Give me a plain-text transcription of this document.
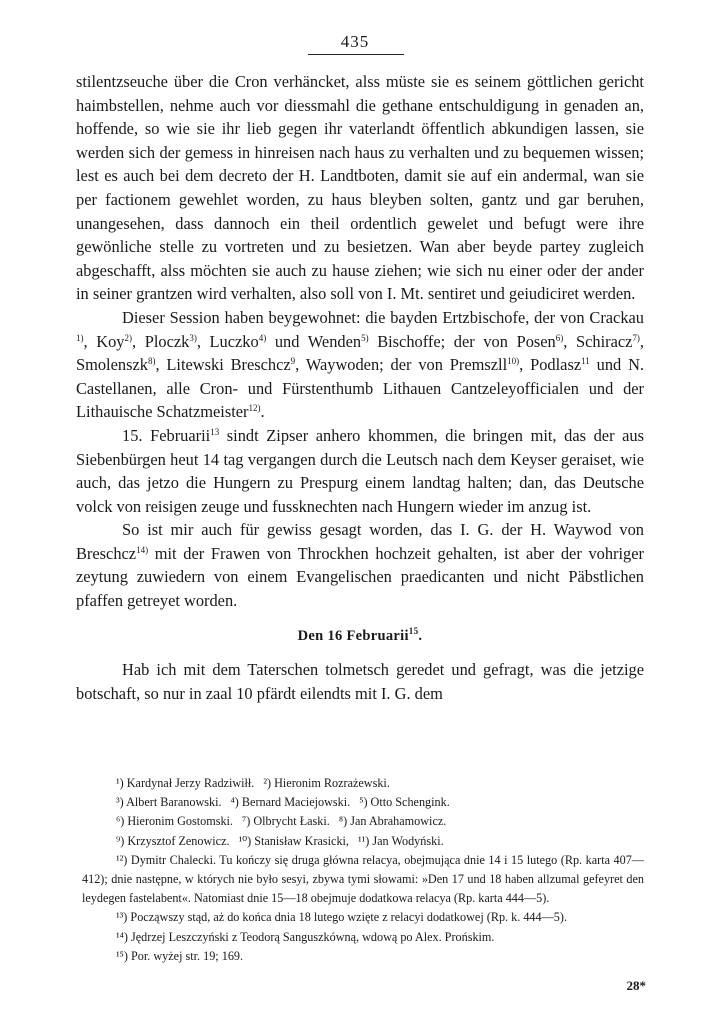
435

stilentzseuche über die Cron verhäncket, alss müste sie es seinem göttlichen gericht haimbstellen, nehme auch vor diessmahl die gethane entschuldigung in genaden an, hoffende, so wie sie ihr lieb gegen ihr vaterlandt öffentlich abkundigen lassen, sie werden sich der gemess in hinreisen nach haus zu verhalten und zu bequemen wissen; lest es auch bei dem decreto der H. Landtboten, damit sie auf ein andermal, wan sie per factionem gewehlet worden, zu haus bleyben solten, gantz und gar beruhen, unangesehen, dass dannoch ein theil ordentlich gewelet und befugt were ihre gewönliche stelle zu vortreten und zu besietzen. Wan aber beyde partey zugleich abgeschafft, alss möchten sie auch zu hause ziehen; wie sich nu einer oder der ander in seiner grantzen wird verhalten, also soll von I. Mt. sentiret und geiudiciret werden.

Dieser Session haben beygewohnet: die bayden Ertzbischofe, der von Crackau $^{1)}$, Koy$^{2)}$, Ploczk$^{3)}$, Luczko$^{4)}$ und Wenden$^{5)}$ Bischoffe; der von Posen$^{6)}$, Schiracz$^{7)}$, Smolenszk$^{8)}$, Litewski Breschcz$^9$, Waywoden; der von Premszll$^{10)}$, Podlasz$^{11}$ und N. Castellanen, alle Cron- und Fürstenthumb Lithauen Cantzeleyofficialen und der Lithauische Schatzmeister$^{12)}$.

15. Februarii$^{13}$ sindt Zipser anhero khommen, die bringen mit, das der aus Siebenbürgen heut 14 tag vergangen durch die Leutsch nach dem Keyser geraiset, wie auch, das jetzo die Hungern zu Prespurg einem landtag halten; dan, das Deutsche volck von reisigen zeuge und fussknechten nach Hungern wieder im anzug ist.

So ist mir auch für gewiss gesagt worden, das I. G. der H. Waywod von Breschcz$^{14)}$ mit der Frawen von Throckhen hochzeit gehalten, ist aber der vohriger zeytung zuwiedern von einem Evangelischen praedicanten und nicht Päbstlichen pfaffen getreyet worden.

Den 16 Februarii$^{15}$.

Hab ich mit dem Taterschen tolmetsch geredet und gefragt, was die jetzige botschaft, so nur in zaal 10 pfärdt eilendts mit I. G. dem

¹) Kardynał Jerzy Radziwiłł. ²) Hieronim Rozrażewski.

³) Albert Baranowski. ⁴) Bernard Maciejowski. ⁵) Otto Schengink.

⁶) Hieronim Gostomski. ⁷) Olbrycht Łaski. ⁸) Jan Abrahamowicz.

⁹) Krzysztof Zenowicz. ¹⁰) Stanisław Krasicki, ¹¹) Jan Wodyński.

¹²) Dymitr Chalecki. Tu kończy się druga główna relacya, obejmująca dnie 14 i 15 lutego (Rp. karta 407—412); dnie następne, w których nie było sesyi, zbywa tymi słowami: »Den 17 und 18 haben allzumal gefeyret den leydegen fastelabent«. Natomiast dnie 15—18 obejmuje dodatkowa relacya (Rp. karta 444—5).

¹³) Począwszy stąd, aż do końca dnia 18 lutego wzięte z relacyi dodatkowej (Rp. k. 444—5).

¹⁴) Jędrzej Leszczyński z Teodorą Sanguszkówną, wdową po Alex. Prońskim.

¹⁵) Por. wyżej str. 19; 169.

28*
